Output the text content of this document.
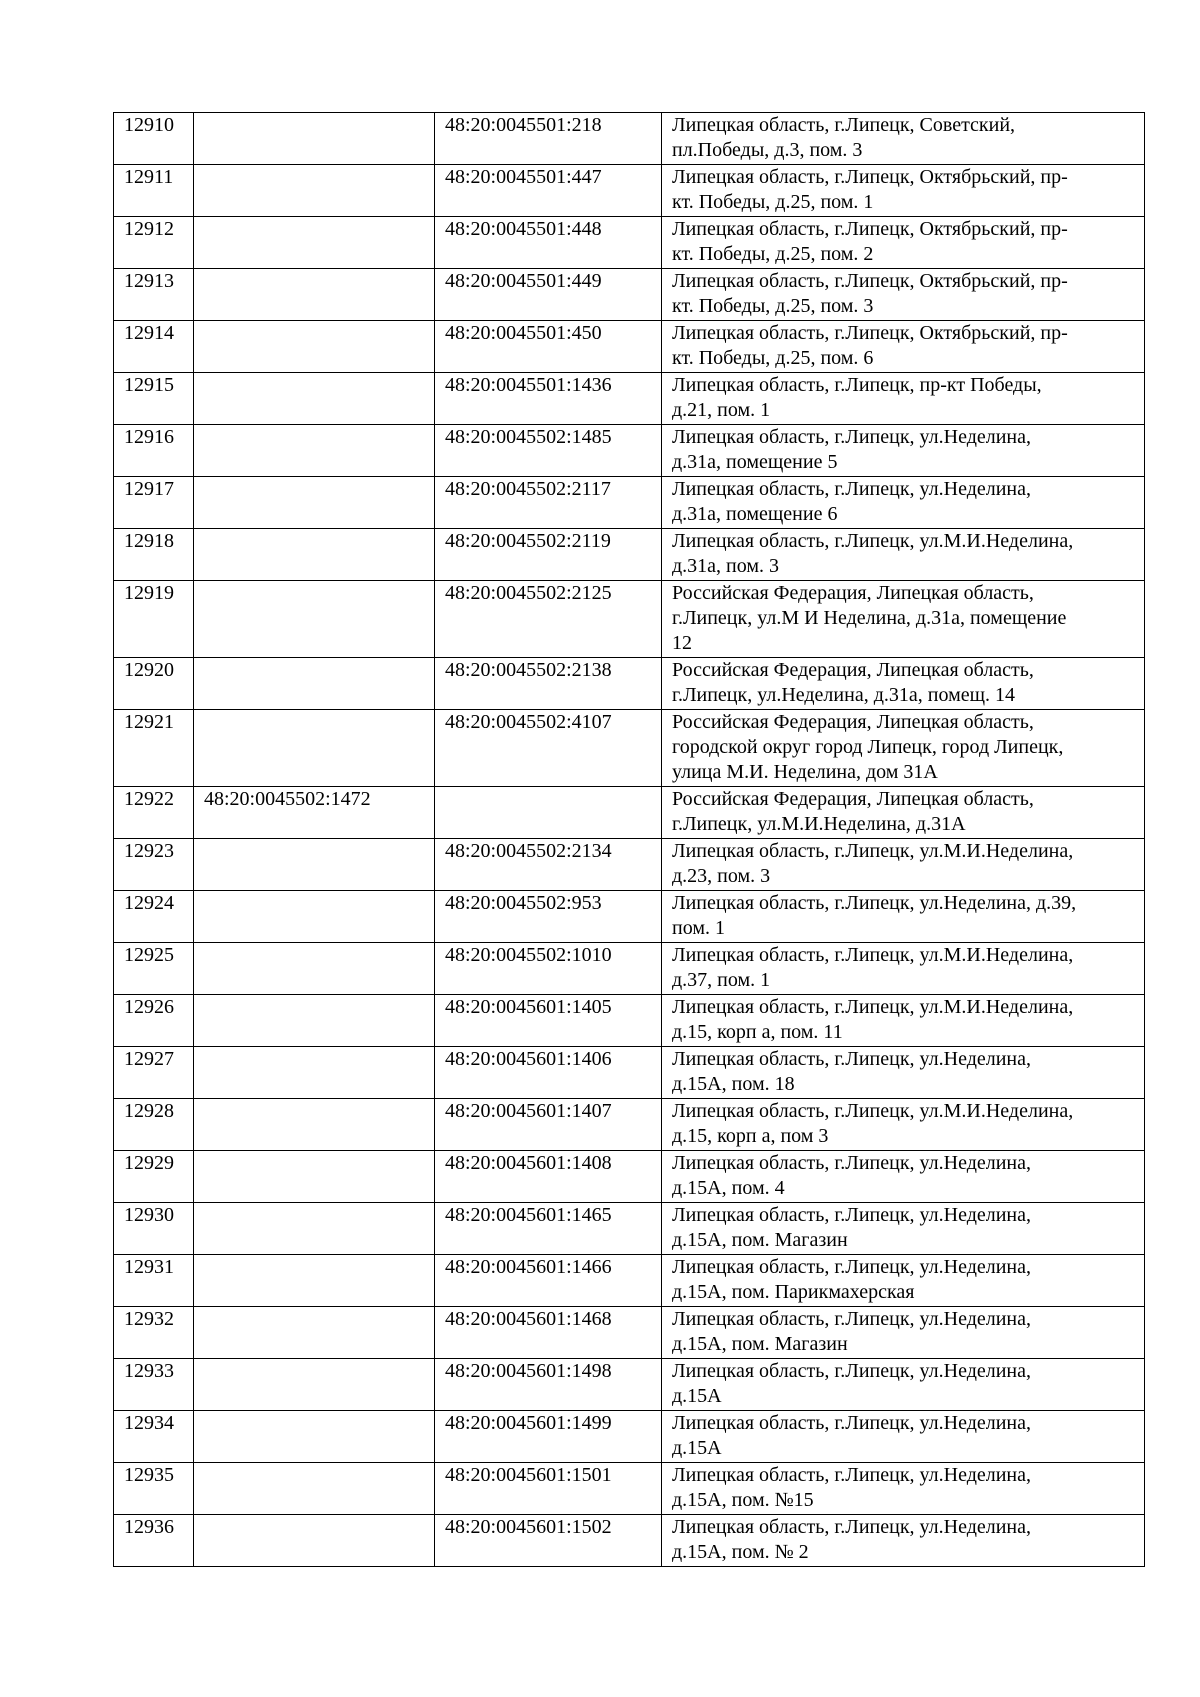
12910		48:20:0045501:218	Липецкая область, г.Липецк, Советский,
пл.Победы, д.3, пом. 3
12911		48:20:0045501:447	Липецкая область, г.Липецк, Октябрьский, пр-
кт. Победы, д.25, пом. 1
12912		48:20:0045501:448	Липецкая область, г.Липецк, Октябрьский, пр-
кт. Победы, д.25, пом. 2
12913		48:20:0045501:449	Липецкая область, г.Липецк, Октябрьский, пр-
кт. Победы, д.25, пом. 3
12914		48:20:0045501:450	Липецкая область, г.Липецк, Октябрьский, пр-
кт. Победы, д.25, пом. 6
12915		48:20:0045501:1436	Липецкая область, г.Липецк, пр-кт Победы,
д.21, пом. 1
12916		48:20:0045502:1485	Липецкая область, г.Липецк, ул.Неделина,
д.31а, помещение 5
12917		48:20:0045502:2117	Липецкая область, г.Липецк, ул.Неделина,
д.31а, помещение 6
12918		48:20:0045502:2119	Липецкая область, г.Липецк, ул.М.И.Неделина,
д.31а, пом. 3
12919		48:20:0045502:2125	Российская Федерация, Липецкая область,
г.Липецк, ул.М И Неделина, д.31а, помещение
12
12920		48:20:0045502:2138	Российская Федерация, Липецкая область,
г.Липецк, ул.Неделина, д.31а, помещ. 14
12921		48:20:0045502:4107	Российская Федерация, Липецкая область,
городской округ город Липецк, город Липецк,
улица М.И. Неделина, дом 31А
12922	48:20:0045502:1472		Российская Федерация, Липецкая область,
г.Липецк, ул.М.И.Неделина, д.31А
12923		48:20:0045502:2134	Липецкая область, г.Липецк, ул.М.И.Неделина,
д.23, пом. 3
12924		48:20:0045502:953	Липецкая область, г.Липецк, ул.Неделина, д.39,
пом. 1
12925		48:20:0045502:1010	Липецкая область, г.Липецк, ул.М.И.Неделина,
д.37, пом. 1
12926		48:20:0045601:1405	Липецкая область, г.Липецк, ул.М.И.Неделина,
д.15, корп а, пом. 11
12927		48:20:0045601:1406	Липецкая область, г.Липецк, ул.Неделина,
д.15А, пом. 18
12928		48:20:0045601:1407	Липецкая область, г.Липецк, ул.М.И.Неделина,
д.15, корп а, пом 3
12929		48:20:0045601:1408	Липецкая область, г.Липецк, ул.Неделина,
д.15А, пом. 4
12930		48:20:0045601:1465	Липецкая область, г.Липецк, ул.Неделина,
д.15А, пом. Магазин
12931		48:20:0045601:1466	Липецкая область, г.Липецк, ул.Неделина,
д.15А, пом. Парикмахерская
12932		48:20:0045601:1468	Липецкая область, г.Липецк, ул.Неделина,
д.15А, пом. Магазин
12933		48:20:0045601:1498	Липецкая область, г.Липецк, ул.Неделина,
д.15А
12934		48:20:0045601:1499	Липецкая область, г.Липецк, ул.Неделина,
д.15А
12935		48:20:0045601:1501	Липецкая область, г.Липецк, ул.Неделина,
д.15А, пом. №15
12936		48:20:0045601:1502	Липецкая область, г.Липецк, ул.Неделина,
д.15А, пом. № 2
